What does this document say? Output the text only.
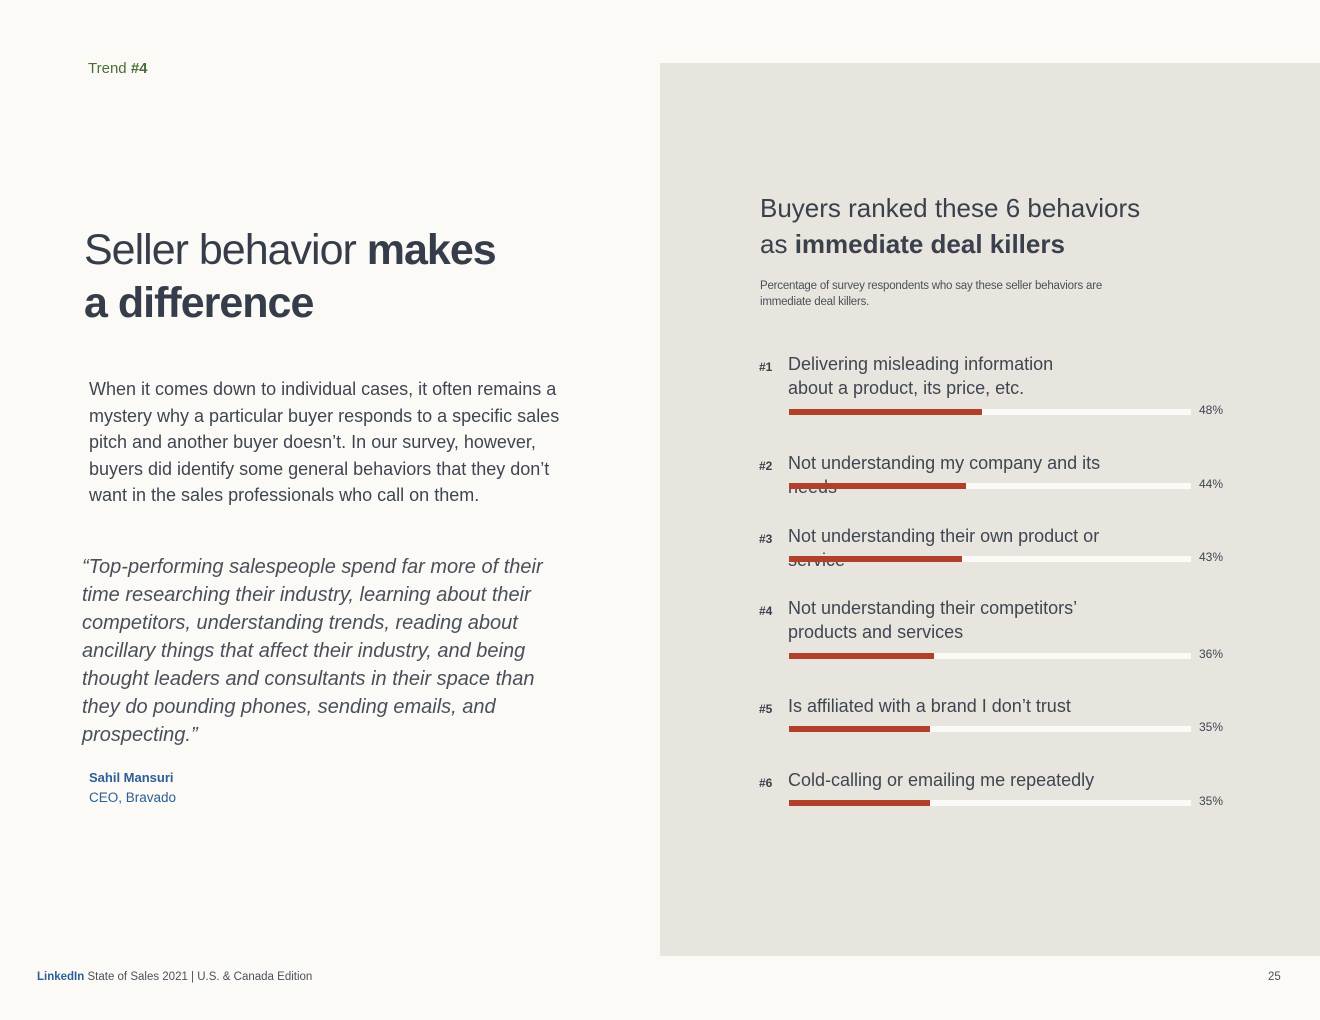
Trend #4
Seller behavior makes
a difference
When it comes down to individual cases, it often remains a mystery why a particular buyer responds to a specific sales pitch and another buyer doesn’t. In our survey, however, buyers did identify some general behaviors that they don’t want in the sales professionals who call on them.
“Top-performing salespeople spend far more of their time researching their industry, learning about their competitors, understanding trends, reading about ancillary things that affect their industry, and being thought leaders and consultants in their space than they do pounding phones, sending emails, and prospecting.”
Sahil Mansuri
CEO, Bravado
Buyers ranked these 6 behaviors
as immediate deal killers
Percentage of survey respondents who say these seller behaviors are immediate deal killers.
#1 Delivering misleading information about a product, its price, etc.
48%
#2 Not understanding my company and its
44%
#3 Not understanding their own product or
43%
#4 Not understanding their competitors’ products and services
36%
#5 Is affiliated with a brand I don’t trust
35%
#6 Cold-calling or emailing me repeatedly
35%
LinkedIn State of Sales 2021 | U.S. & Canada Edition	25
